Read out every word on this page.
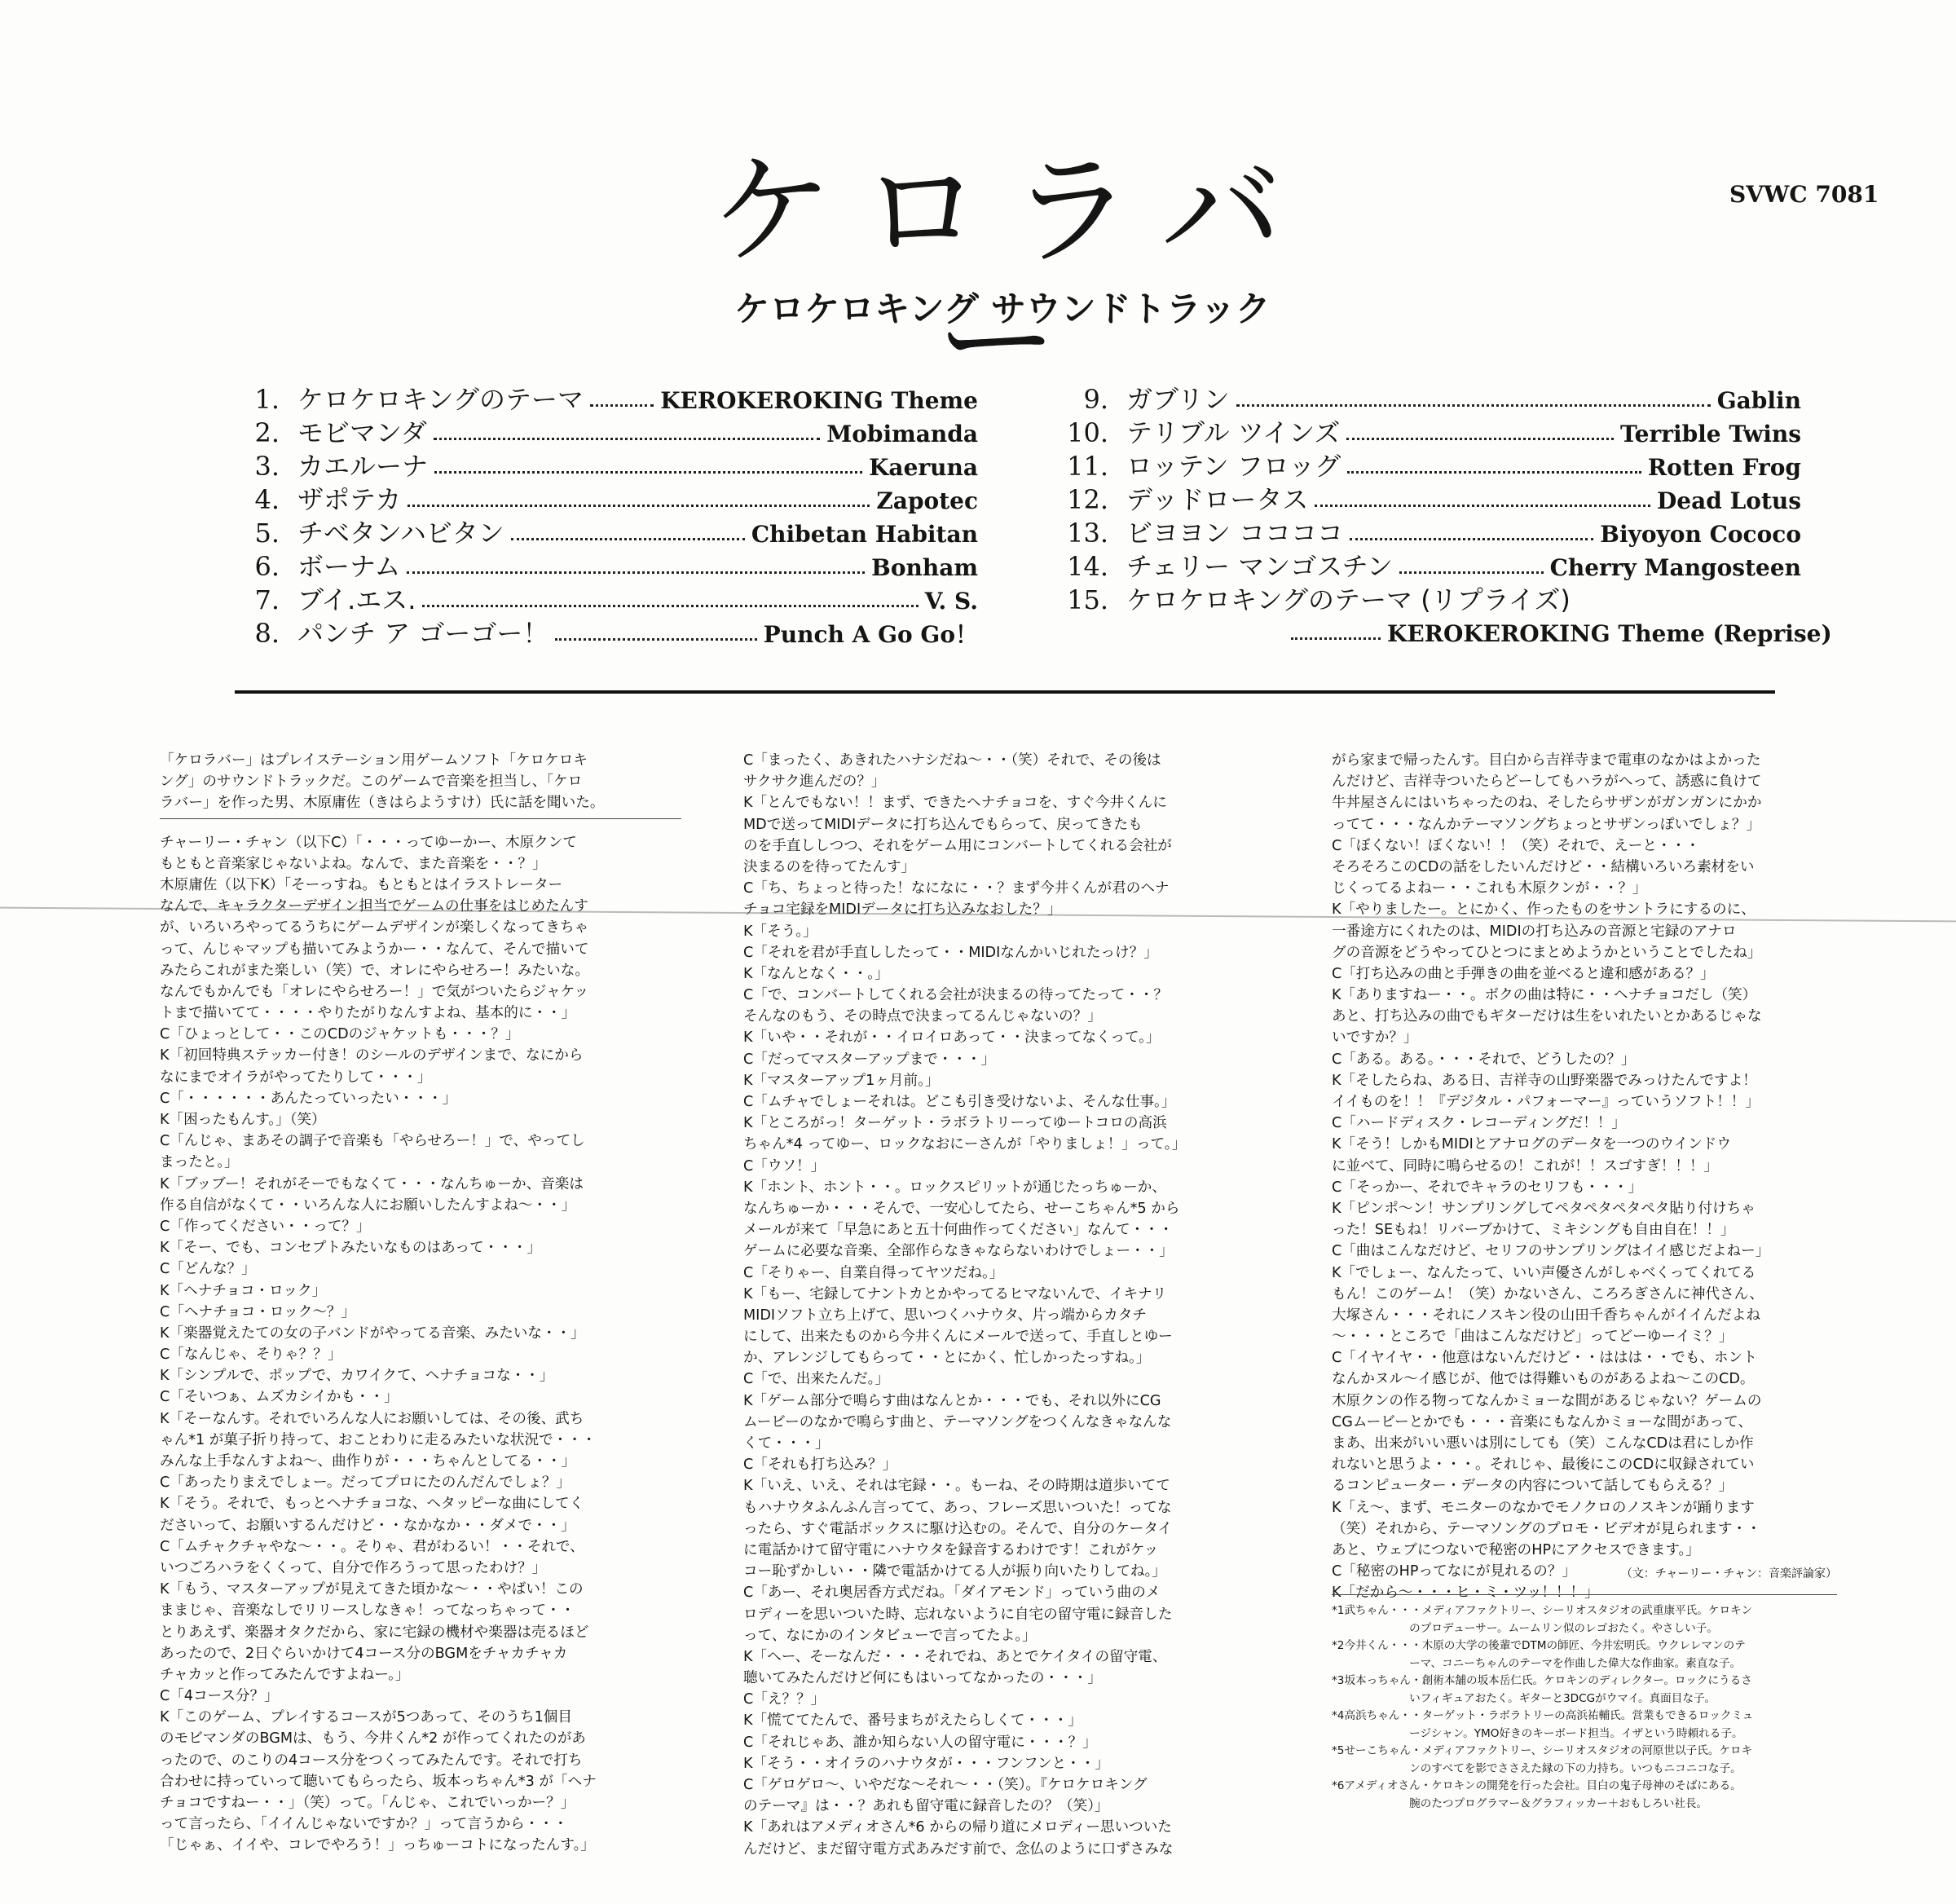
ケロラバー
SVWC 7081
ケロケロキング サウンドトラック
1. ケロケロキングのテーマ	KEROKEROKING Theme
2. モビマンダ	Mobimanda
3. カエルーナ	Kaeruna
4. ザポテカ	Zapotec
5. チベタンハビタン	Chibetan Habitan
6. ボーナム	Bonham
7. ブイ.エス.	V. S.
8. パンチ ア ゴーゴー！	Punch A Go Go！
9. ガブリン	Gablin
10. テリブル ツインズ	Terrible Twins
11. ロッテン フロッグ	Rotten Frog
12. デッドロータス	Dead Lotus
13. ビヨヨン ココココ	Biyoyon Cococo
14. チェリー マンゴスチン	Cherry Mangosteen
15. ケロケロキングのテーマ (リプライズ)
KEROKEROKING Theme (Reprise)
「ケロラバー」はプレイステーション用ゲームソフト「ケロケロキ
ング」のサウンドトラックだ。このゲームで音楽を担当し、「ケロ
ラバー」を作った男、木原庸佐（きはらようすけ）氏に話を聞いた。
チャーリー・チャン（以下C）「・・・ってゆーかー、木原クンて
もともと音楽家じゃないよね。なんで、また音楽を・・？」
木原庸佐（以下K）「そーっすね。もともとはイラストレーター
なんで、キャラクターデザイン担当でゲームの仕事をはじめたんす
が、いろいろやってるうちにゲームデザインが楽しくなってきちゃ
って、んじゃマップも描いてみようかー・・なんて、そんで描いて
みたらこれがまた楽しい（笑）で、オレにやらせろー！みたいな。
なんでもかんでも「オレにやらせろー！」で気がついたらジャケッ
トまで描いてて・・・・やりたがりなんすよね、基本的に・・」
C「ひょっとして・・このCDのジャケットも・・・？」
K「初回特典ステッカー付き！のシールのデザインまで、なにから
なにまでオイラがやってたりして・・・」
C「・・・・・・あんたっていったい・・・」
K「困ったもんす。」（笑）
C「んじゃ、まあその調子で音楽も「やらせろー！」で、やってし
まったと。」
K「ブッブー！それがそーでもなくて・・・なんちゅーか、音楽は
作る自信がなくて・・いろんな人にお願いしたんすよね〜・・」
C「作ってください・・って？」
K「そー、でも、コンセプトみたいなものはあって・・・」
C「どんな？」
K「ヘナチョコ・ロック」
C「ヘナチョコ・ロック〜？」
K「楽器覚えたての女の子バンドがやってる音楽、みたいな・・」
C「なんじゃ、そりゃ？？」
K「シンプルで、ポップで、カワイクて、ヘナチョコな・・」
C「そいつぁ、ムズカシイかも・・」
K「そーなんす。それでいろんな人にお願いしては、その後、武ち
ゃん*1 が菓子折り持って、おことわりに走るみたいな状況で・・・
みんな上手なんすよね〜、曲作りが・・・ちゃんとしてる・・」
C「あったりまえでしょー。だってプロにたのんだんでしょ？」
K「そう。それで、もっとヘナチョコな、ヘタッピーな曲にしてく
ださいって、お願いするんだけど・・なかなか・・ダメで・・」
C「ムチャクチャやな〜・・。そりゃ、君がわるい！・・それで、
いつごろハラをくくって、自分で作ろうって思ったわけ？」
K「もう、マスターアップが見えてきた頃かな〜・・やばい！この
ままじゃ、音楽なしでリリースしなきゃ！ってなっちゃって・・
とりあえず、楽器オタクだから、家に宅録の機材や楽器は売るほど
あったので、2日ぐらいかけて4コース分のBGMをチャカチャカ
チャカッと作ってみたんですよねー。」
C「4コース分？」
K「このゲーム、プレイするコースが5つあって、そのうち1個目
のモビマンダのBGMは、もう、今井くん*2 が作ってくれたのがあ
ったので、のこりの4コース分をつくってみたんです。それで打ち
合わせに持っていって聴いてもらったら、坂本っちゃん*3 が「ヘナ
チョコですねー・・」（笑）って。「んじゃ、これでいっかー？」
って言ったら、「イイんじゃないですか？」って言うから・・・
「じゃぁ、イイや、コレでやろう！」っちゅーコトになったんす。」
C「まったく、あきれたハナシだね〜・・（笑）それで、その後は
サクサク進んだの？」
K「とんでもない！！まず、できたヘナチョコを、すぐ今井くんに
MDで送ってMIDIデータに打ち込んでもらって、戻ってきたも
のを手直ししつつ、それをゲーム用にコンバートしてくれる会社が
決まるのを待ってたんす」
C「ち、ちょっと待った！なになに・・？まず今井くんが君のヘナ
チョコ宅録をMIDIデータに打ち込みなおした？」
K「そう。」
C「それを君が手直ししたって・・MIDIなんかいじれたっけ？」
K「なんとなく・・。」
C「で、コンバートしてくれる会社が決まるの待ってたって・・？
そんなのもう、その時点で決まってるんじゃないの？」
K「いや・・それが・・イロイロあって・・決まってなくって。」
C「だってマスターアップまで・・・」
K「マスターアップ1ヶ月前。」
C「ムチャでしょーそれは。どこも引き受けないよ、そんな仕事。」
K「ところがっ！ターゲット・ラボラトリーってゆートコロの高浜
ちゃん*4 ってゆー、ロックなおにーさんが「やりましょ！」って。」
C「ウソ！」
K「ホント、ホント・・。ロックスピリットが通じたっちゅーか、
なんちゅーか・・・そんで、一安心してたら、せーこちゃん*5 から
メールが来て「早急にあと五十何曲作ってください」なんて・・・
ゲームに必要な音楽、全部作らなきゃならないわけでしょー・・」
C「そりゃー、自業自得ってヤツだね。」
K「もー、宅録してナントカとかやってるヒマないんで、イキナリ
MIDIソフト立ち上げて、思いつくハナウタ、片っ端からカタチ
にして、出来たものから今井くんにメールで送って、手直しとゆー
か、アレンジしてもらって・・とにかく、忙しかったっすね。」
C「で、出来たんだ。」
K「ゲーム部分で鳴らす曲はなんとか・・・でも、それ以外にCG
ムービーのなかで鳴らす曲と、テーマソングをつくんなきゃなんな
くて・・・」
C「それも打ち込み？」
K「いえ、いえ、それは宅録・・。もーね、その時期は道歩いてて
もハナウタふんふん言ってて、あっ、フレーズ思いついた！ってな
ったら、すぐ電話ボックスに駆け込むの。そんで、自分のケータイ
に電話かけて留守電にハナウタを録音するわけです！これがケッ
コー恥ずかしい・・隣で電話かけてる人が振り向いたりしてね。」
C「あー、それ奥居香方式だね。「ダイアモンド」っていう曲のメ
ロディーを思いついた時、忘れないように自宅の留守電に録音した
って、なにかのインタビューで言ってたよ。」
K「へー、そーなんだ・・・それでね、あとでケイタイの留守電、
聴いてみたんだけど何にもはいってなかったの・・・」
C「え？？」
K「慌ててたんで、番号まちがえたらしくて・・・」
C「それじゃあ、誰か知らない人の留守電に・・・？」
K「そう・・オイラのハナウタが・・・フンフンと・・」
C「ゲロゲロ〜、いやだな〜それ〜・・（笑）。『ケロケロキング
のテーマ』は・・？あれも留守電に録音したの？（笑）」
K「あれはアメディオさん*6 からの帰り道にメロディー思いついた
んだけど、まだ留守電方式あみだす前で、念仏のように口ずさみな
がら家まで帰ったんす。目白から吉祥寺まで電車のなかはよかった
んだけど、吉祥寺ついたらどーしてもハラがへって、誘惑に負けて
牛丼屋さんにはいちゃったのね、そしたらサザンがガンガンにかか
ってて・・・なんかテーマソングちょっとサザンっぽいでしょ？」
C「ぼくない！ぼくない！！（笑）それで、えーと・・・
そろそろこのCDの話をしたいんだけど・・結構いろいろ素材をい
じくってるよねー・・これも木原クンが・・？」
K「やりましたー。とにかく、作ったものをサントラにするのに、
一番途方にくれたのは、MIDIの打ち込みの音源と宅録のアナロ
グの音源をどうやってひとつにまとめようかということでしたね」
C「打ち込みの曲と手弾きの曲を並べると違和感がある？」
K「ありますねー・・。ボクの曲は特に・・ヘナチョコだし（笑）
あと、打ち込みの曲でもギターだけは生をいれたいとかあるじゃな
いですか？」
C「ある。ある。・・・それで、どうしたの？」
K「そしたらね、ある日、吉祥寺の山野楽器でみっけたんですよ！
イイものを！！『デジタル・パフォーマー』っていうソフト！！」
C「ハードディスク・レコーディングだ！！」
K「そう！しかもMIDIとアナログのデータを一つのウインドウ
に並べて、同時に鳴らせるの！これが！！スゴすぎ！！！」
C「そっかー、それでキャラのセリフも・・・」
K「ピンポ〜ン！サンプリングしてペタペタペタペタ貼り付けちゃ
った！SEもね！リバーブかけて、ミキシングも自由自在！！」
C「曲はこんなだけど、セリフのサンプリングはイイ感じだよねー」
K「でしょー、なんたって、いい声優さんがしゃべくってくれてる
もん！このゲーム！（笑）かないさん、ころろぎさんに神代さん、
大塚さん・・・それにノスキン役の山田千香ちゃんがイイんだよね
〜・・・ところで「曲はこんなだけど」ってどーゆーイミ？」
C「イヤイヤ・・他意はないんだけど・・ははは・・でも、ホント
なんかヌル〜イ感じが、他では得難いものがあるよね〜このCD。
木原クンの作る物ってなんかミョーな間があるじゃない？ゲームの
CGムービーとかでも・・・音楽にもなんかミョーな間があって、
まあ、出来がいい悪いは別にしても（笑）こんなCDは君にしか作
れないと思うよ・・・。それじゃ、最後にこのCDに収録されてい
るコンピューター・データの内容について話してもらえる？」
K「え〜、まず、モニターのなかでモノクロのノスキンが踊ります
（笑）それから、テーマソングのプロモ・ビデオが見られます・・
あと、ウェブにつないで秘密のHPにアクセスできます。」
C「秘密のHPってなにが見れるの？」
K「だから〜・・・ヒ・ミ・ツッ！！！」
（文：チャーリー・チャン：音楽評論家）
*1武ちゃん・・・メディアファクトリー、シーリオスタジオの武重康平氏。ケロキン
　　　　　　　のプロデューサー。ムームリン似のレゴおたく。やさしい子。
*2今井くん・・・木原の大学の後輩でDTMの師匠、今井宏明氏。ウクレレマンのテ
　　　　　　　ーマ、コニーちゃんのテーマを作曲した偉大な作曲家。素直な子。
*3坂本っちゃん・創術本舗の坂本岳仁氏。ケロキンのディレクター。ロックにうるさ
　　　　　　　いフィギュアおたく。ギターと3DCGがウマイ。真面目な子。
*4高浜ちゃん・・ターゲット・ラボラトリーの高浜祐輔氏。営業もできるロックミュ
　　　　　　　ージシャン。YMO好きのキーボード担当。イザという時頼れる子。
*5せーこちゃん・メディアファクトリー、シーリオスタジオの河原世以子氏。ケロキ
　　　　　　　ンのすべてを影でささえた縁の下の力持ち。いつもニコニコな子。
*6アメディオさん・ケロキンの開発を行った会社。目白の鬼子母神のそばにある。
　　　　　　　腕のたつプログラマー＆グラフィッカー＋おもしろい社長。
